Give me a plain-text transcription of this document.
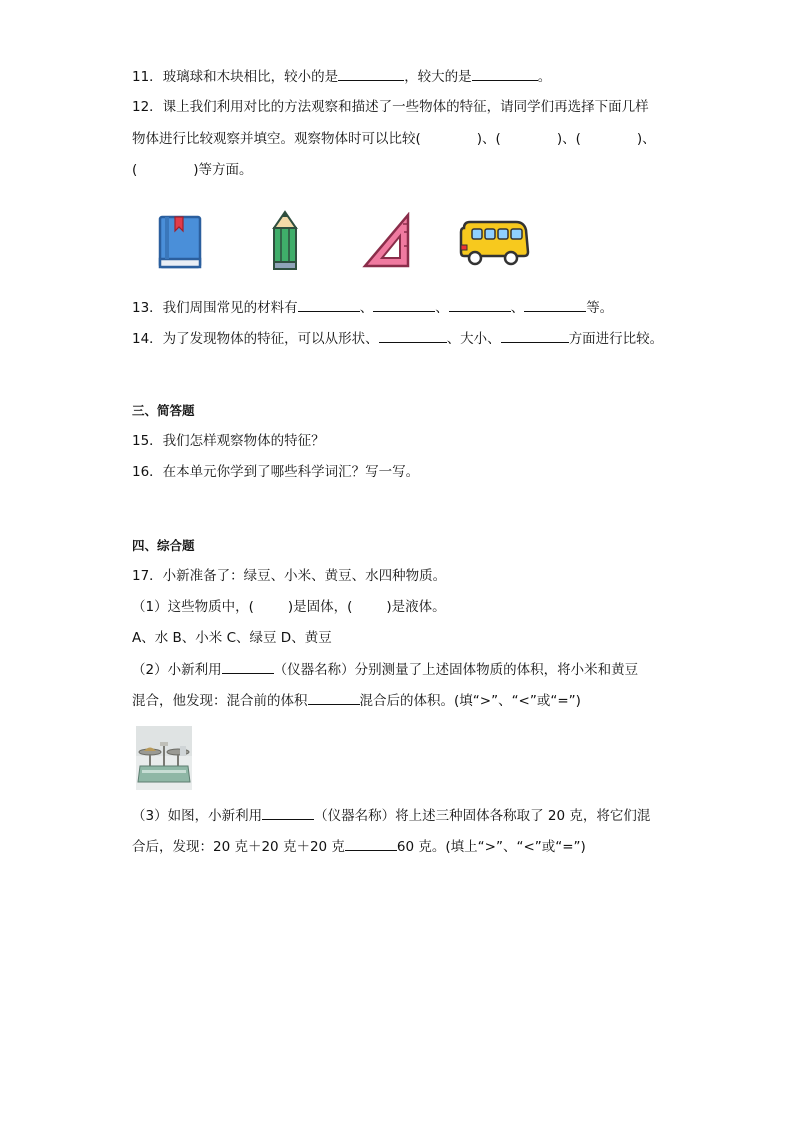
11．玻璃球和木块相比，较小的是	，较大的是	。
12．课上我们利用对比的方法观察和描述了一些物体的特征，请同学们再选择下面几样
物体进行比较观察并填空。观察物体时可以比较(	)、(	)、(	)、
(	)等方面。
13．我们周围常见的材料有	、	、	、	等。
14．为了发现物体的特征，可以从形状、	、大小、	方面进行比较。
三、简答题
15．我们怎样观察物体的特征？
16．在本单元你学到了哪些科学词汇？写一写。
四、综合题
17．小新准备了：绿豆、小米、黄豆、水四种物质。
（1）这些物质中，(	)是固体，(	)是液体。
A、水 B、小米 C、绿豆 D、黄豆
（2）小新利用	（仪器名称）分别测量了上述固体物质的体积，将小米和黄豆
混合，他发现：混合前的体积	混合后的体积。(填“>”、“<”或“=”)
（3）如图，小新利用	（仪器名称）将上述三种固体各称取了 20 克，将它们混
合后，发现：20 克＋20 克＋20 克	60 克。(填上“>”、“<”或“=”)
